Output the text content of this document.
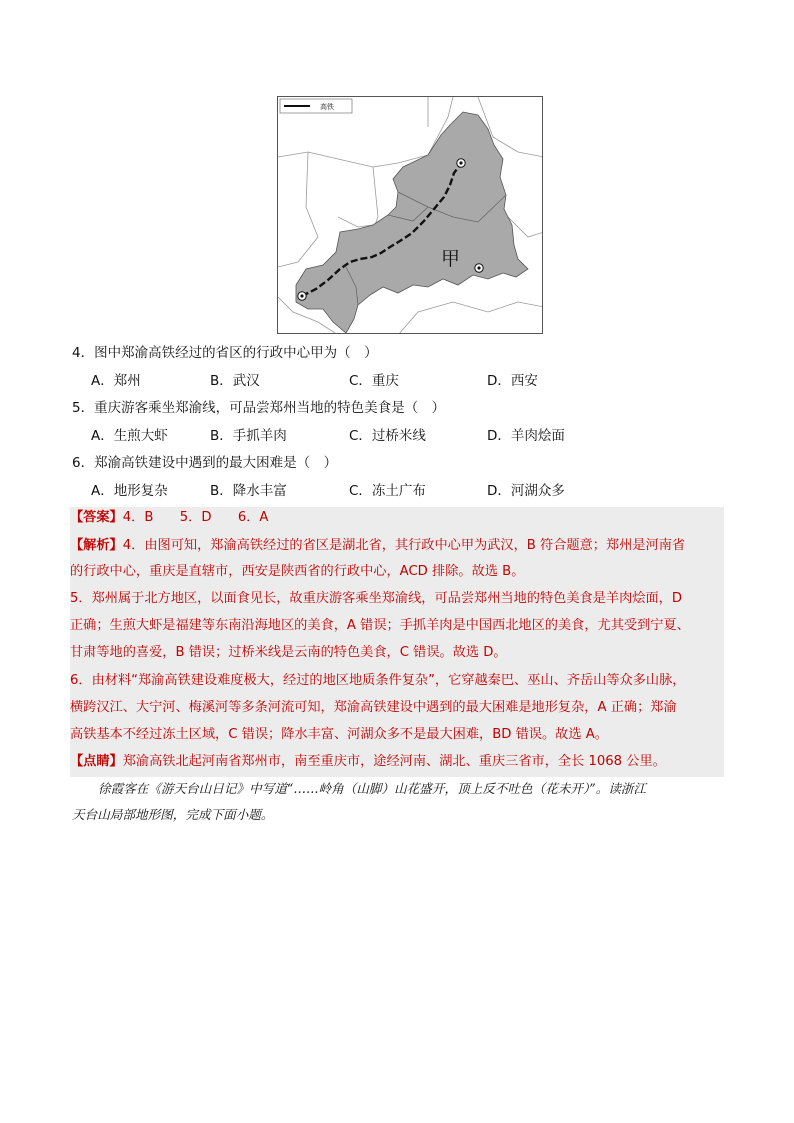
甲
高铁
4．图中郑渝高铁经过的省区的行政中心甲为（　）
A．郑州	B．武汉	C．重庆	D．西安
5．重庆游客乘坐郑渝线，可品尝郑州当地的特色美食是（　）
A．生煎大虾	B．手抓羊肉	C．过桥米线	D．羊肉烩面
6．郑渝高铁建设中遇到的最大困难是（　）
A．地形复杂	B．降水丰富	C．冻土广布	D．河湖众多
【答案】4．B　　5．D　　6．A
【解析】4．由图可知，郑渝高铁经过的省区是湖北省，其行政中心甲为武汉，B 符合题意；郑州是河南省
的行政中心，重庆是直辖市，西安是陕西省的行政中心，ACD 排除。故选 B。
5．郑州属于北方地区，以面食见长，故重庆游客乘坐郑渝线，可品尝郑州当地的特色美食是羊肉烩面，D
正确；生煎大虾是福建等东南沿海地区的美食，A 错误；手抓羊肉是中国西北地区的美食，尤其受到宁夏、
甘肃等地的喜爱，B 错误；过桥米线是云南的特色美食，C 错误。故选 D。
6．由材料“郑渝高铁建设难度极大，经过的地区地质条件复杂”，它穿越秦巴、巫山、齐岳山等众多山脉，
横跨汉江、大宁河、梅溪河等多条河流可知，郑渝高铁建设中遇到的最大困难是地形复杂，A 正确；郑渝
高铁基本不经过冻土区域，C 错误；降水丰富、河湖众多不是最大困难，BD 错误。故选 A。
【点睛】郑渝高铁北起河南省郑州市，南至重庆市，途经河南、湖北、重庆三省市，全长 1068 公里。
徐霞客在《游天台山日记》中写道“……岭角（山脚）山花盛开，顶上反不吐色（花未开）”。读浙江
天台山局部地形图，完成下面小题。
